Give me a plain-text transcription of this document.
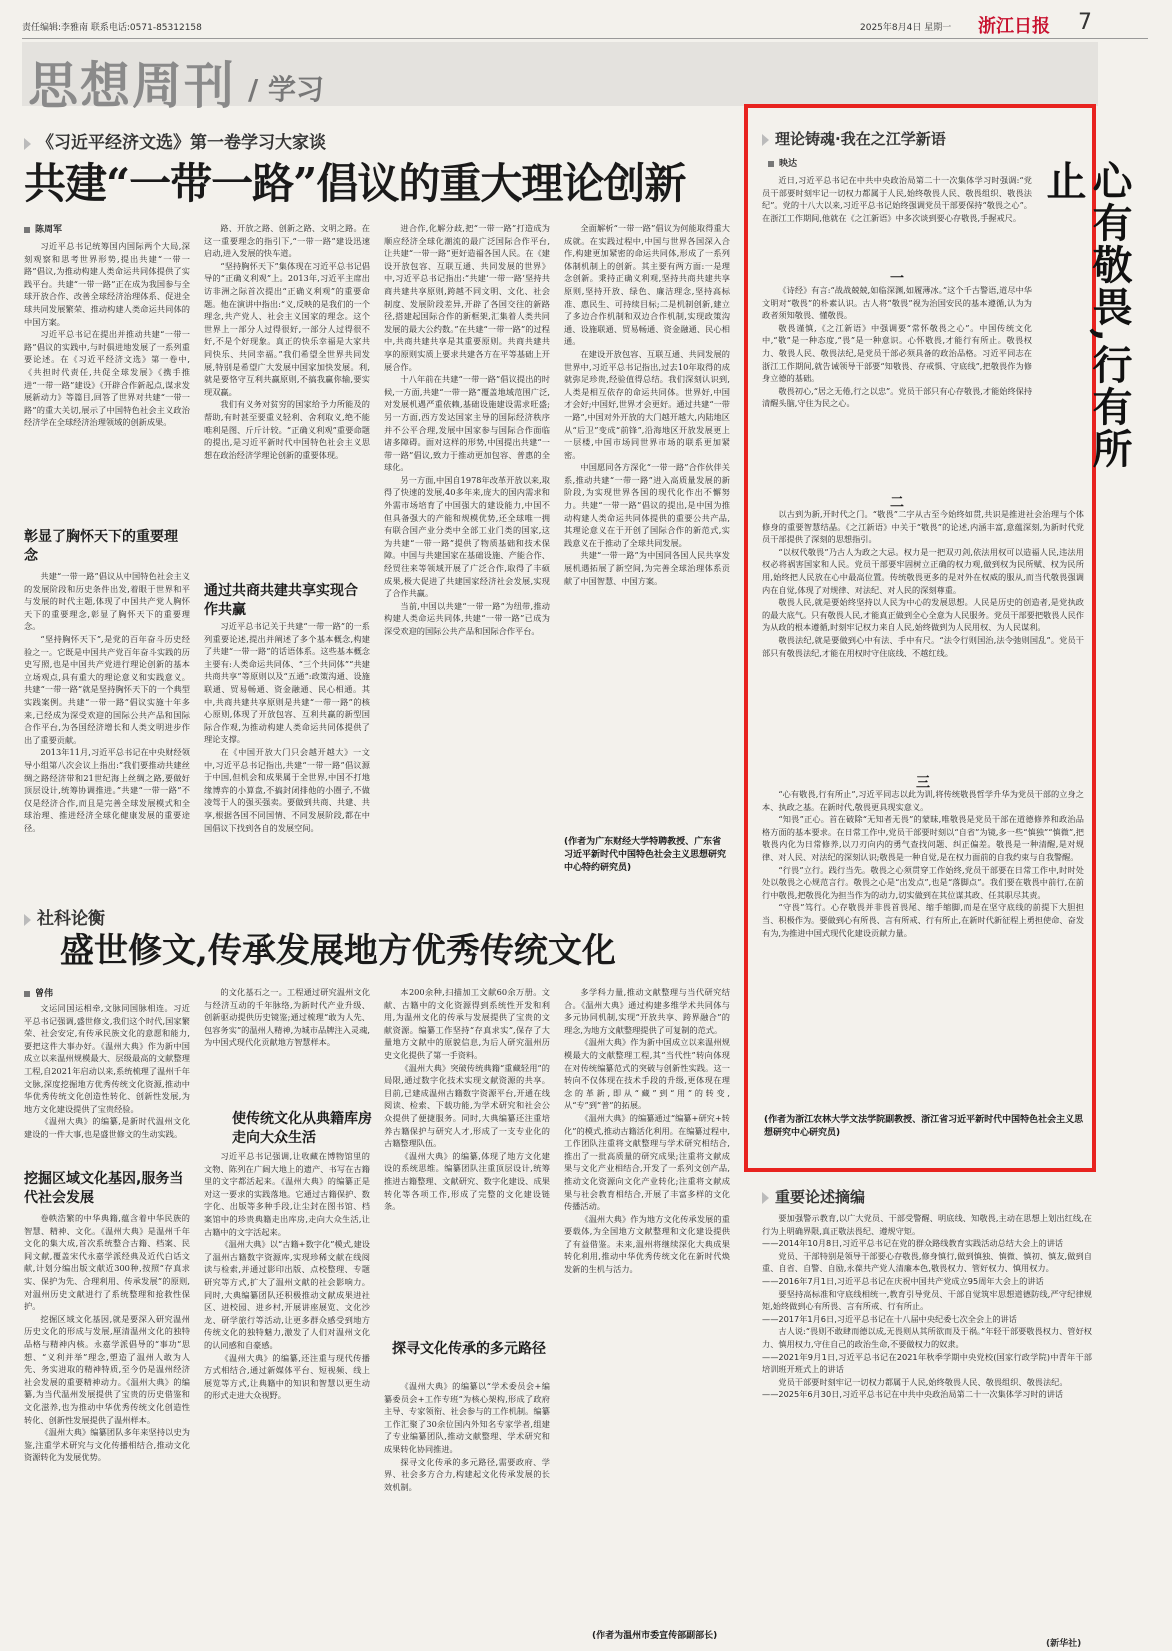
责任编辑:李雅南 联系电话:0571-85312158	2025年8月4日 星期一 浙江日报 7
思想周刊 / 学习
《习近平经济文选》第一卷学习大家谈
共建“一带一路”倡议的重大理论创新
陈周军

习近平总书记统筹国内国际两个大局,深刻观察和思考世界形势,提出共建“一带一路”倡议,为推动构建人类命运共同体提供了实践平台。共建“一带一路”正在成为我国参与全球开放合作、改善全球经济治理体系、促进全球共同发展繁荣、推动构建人类命运共同体的中国方案。

习近平总书记在提出并推动共建“一带一路”倡议的实践中,与时俱进地发展了一系列重要论述。在《习近平经济文选》第一卷中,《共担时代责任,共促全球发展》《携手推进“一带一路”建设》《开辟合作新起点,谋求发展新动力》等篇目,回答了世界对共建“一带一路”的重大关切,展示了中国特色社会主义政治经济学在全球经济治理领域的创新成果。

彰显了胸怀天下的重要理念

共建“一带一路”倡议从中国特色社会主义的发展阶段和历史条件出发,着眼于世界和平与发展的时代主题,体现了中国共产党人胸怀天下的重要理念,彰显了胸怀天下的重要理念。

“坚持胸怀天下”,是党的百年奋斗历史经验之一。它既是中国共产党百年奋斗实践的历史写照,也是中国共产党进行理论创新的基本立场观点,具有重大的理论意义和实践意义。共建“一带一路”就是坚持胸怀天下的一个典型实践案例。共建“一带一路”倡议实施十年多来,已经成为深受欢迎的国际公共产品和国际合作平台,为各国经济增长和人类文明进步作出了重要贡献。

2013年11月,习近平总书记在中央财经领导小组第八次会议上指出:“我们要推动共建丝绸之路经济带和21世纪海上丝绸之路,要做好顶层设计,统筹协调推进。”共建“一带一路”不仅是经济合作,而且是完善全球发展模式和全球治理、推进经济全球化健康发展的重要途径。

路、开放之路、创新之路、文明之路。在这一重要理念的指引下,“一带一路”建设迅速启动,进入发展的快车道。

“坚持胸怀天下”集体现在习近平总书记倡导的“正确义利观”上。2013年,习近平主席出访非洲之际首次提出“正确义利观”的重要命题。他在演讲中指出:“义,反映的是我们的一个理念,共产党人、社会主义国家的理念。这个世界上一部分人过得很好,一部分人过得很不好,不是个好现象。真正的快乐幸福是大家共同快乐、共同幸福。”我们希望全世界共同发展,特别是希望广大发展中国家加快发展。利,就是要恪守互利共赢原则,不搞我赢你输,要实现双赢。

我们有义务对贫穷的国家给予力所能及的帮助,有时甚至要重义轻利、舍利取义,绝不能唯利是图、斤斤计较。“正确义利观”重要命题的提出,是习近平新时代中国特色社会主义思想在政治经济学理论创新的重要体现。

通过共商共建共享实现合作共赢

习近平总书记关于共建“一带一路”的一系列重要论述,提出并阐述了多个基本概念,构建了共建“一带一路”的话语体系。这些基本概念主要有:人类命运共同体、“三个共同体”“共建共商共享”等原则以及“五通”:政策沟通、设施联通、贸易畅通、资金融通、民心相通。其中,共商共建共享原则是共建“一带一路”的核心原则,体现了开放包容、互利共赢的新型国际合作观,为推动构建人类命运共同体提供了理论支撑。

在《中国开放大门只会越开越大》一文中,习近平总书记指出,共建“一带一路”倡议源于中国,但机会和成果属于全世界,中国不打地缘博弈的小算盘,不搞封闭排他的小圈子,不做凌驾于人的强买强卖。要做到共商、共建、共享,根据各国不同国情、不同发展阶段,都在中国倡议下找到各自的发展空间。

进合作,化解分歧,把“一带一路”打造成为顺应经济全球化潮流的最广泛国际合作平台,让共建“一带一路”更好造福各国人民。在《建设开放包容、互联互通、共同发展的世界》中,习近平总书记指出:“共建‘一带一路’坚持共商共建共享原则,跨越不同文明、文化、社会制度、发展阶段差异,开辟了各国交往的新路径,搭建起国际合作的新框架,汇集着人类共同发展的最大公约数。”在共建“一带一路”的过程中,共商共建共享是其重要原则。共商共建共享的原则实质上要求共建各方在平等基础上开展合作。

十八年前在共建“一带一路”倡议提出的时候,一方面,共建“一带一路”覆盖地域范围广泛,对发展机遇严重依赖,基础设施建设需求旺盛;另一方面,西方发达国家主导的国际经济秩序并不公平合理,发展中国家参与国际合作面临诸多障碍。面对这样的形势,中国提出共建“一带一路”倡议,致力于推动更加包容、普惠的全球化。

另一方面,中国自1978年改革开放以来,取得了快速的发展,40多年来,庞大的国内需求和外需市场培育了中国强大的建设能力,中国不但具备强大的产能和规模优势,还全球唯一拥有联合国产业分类中全部工业门类的国家,这为共建“一带一路”提供了物质基础和技术保障。中国与共建国家在基础设施、产能合作、经贸往来等领域开展了广泛合作,取得了丰硕成果,极大促进了共建国家经济社会发展,实现了合作共赢。

当前,中国以共建“一带一路”为纽带,推动构建人类命运共同体,共建“一带一路”已成为深受欢迎的国际公共产品和国际合作平台。

全面解析“一带一路”倡议为何能取得重大成就。在实践过程中,中国与世界各国深入合作,构建更加紧密的命运共同体,形成了一系列体制机制上的创新。其主要有两方面:一是理念创新。秉持正确义利观,坚持共商共建共享原则,坚持开放、绿色、廉洁理念,坚持高标准、惠民生、可持续目标;二是机制创新,建立了多边合作机制和双边合作机制,实现政策沟通、设施联通、贸易畅通、资金融通、民心相通。

在建设开放包容、互联互通、共同发展的世界中,习近平总书记指出,过去10年取得的成就弥足珍贵,经验值得总结。我们深刻认识到,人类是相互依存的命运共同体。世界好,中国才会好;中国好,世界才会更好。通过共建“一带一路”,中国对外开放的大门越开越大,内陆地区从“后卫”变成“前锋”,沿海地区开放发展更上一层楼,中国市场同世界市场的联系更加紧密。

中国愿同各方深化“一带一路”合作伙伴关系,推动共建“一带一路”进入高质量发展的新阶段,为实现世界各国的现代化作出不懈努力。共建“一带一路”倡议的提出,是中国为推动构建人类命运共同体提供的重要公共产品,其理论意义在于开创了国际合作的新范式,实践意义在于推动了全球共同发展。

共建“一带一路”为中国同各国人民共享发展机遇拓展了新空间,为完善全球治理体系贡献了中国智慧、中国方案。

(作者为广东财经大学特聘教授、广东省习近平新时代中国特色社会主义思想研究中心特约研究员)
社科论衡
盛世修文,传承发展地方优秀传统文化
曾伟

文运同国运相牵,文脉同国脉相连。习近平总书记强调,盛世修文,我们这个时代,国家繁荣、社会安定,有传承民族文化的意愿和能力,要把这件大事办好。《温州大典》作为新中国成立以来温州规模最大、层级最高的文献整理工程,自2021年启动以来,系统梳理了温州千年文脉,深度挖掘地方优秀传统文化资源,推动中华优秀传统文化创造性转化、创新性发展,为地方文化建设提供了宝贵经验。

《温州大典》的编纂,是新时代温州文化建设的一件大事,也是盛世修文的生动实践。

挖掘区域文化基因,服务当代社会发展

卷帙浩繁的中华典籍,蕴含着中华民族的智慧、精神、文化。《温州大典》是温州千年文化的集大成,首次系统整合古籍、档案、民间文献,覆盖宋代永嘉学派经典及近代白话文献,计划分编出版文献近300种,按照“存真求实、保护为先、合理利用、传承发展”的原则,对温州历史文献进行了系统整理和抢救性保护。

挖掘区域文化基因,就是要深入研究温州历史文化的形成与发展,厘清温州文化的独特品格与精神内核。永嘉学派倡导的“事功”思想、“义利并举”理念,塑造了温州人敢为人先、务实进取的精神特质,至今仍是温州经济社会发展的重要精神动力。《温州大典》的编纂,为当代温州发展提供了宝贵的历史借鉴和文化滋养,也为推动中华优秀传统文化创造性转化、创新性发展提供了温州样本。

《温州大典》编纂团队多年来坚持以史为鉴,注重学术研究与文化传播相结合,推动文化资源转化为发展优势。

的文化基石之一。工程通过研究温州文化与经济互动的千年脉络,为新时代产业升级、创新驱动提供历史镜鉴;通过梳理“敢为人先、包容务实”的温州人精神,为城市品牌注入灵魂,为中国式现代化贡献地方智慧样本。

使传统文化从典籍库房走向大众生活

习近平总书记强调,让收藏在博物馆里的文物、陈列在广阔大地上的遗产、书写在古籍里的文字都活起来。《温州大典》的编纂正是对这一要求的实践落地。它通过古籍保护、数字化、出版等多种手段,让尘封在图书馆、档案馆中的珍贵典籍走出库房,走向大众生活,让古籍中的文字活起来。

《温州大典》以“古籍+数字化”模式,建设了温州古籍数字资源库,实现珍稀文献在线阅读与检索,并通过影印出版、点校整理、专题研究等方式,扩大了温州文献的社会影响力。同时,大典编纂团队还积极推动文献成果进社区、进校园、进乡村,开展讲座展览、文化沙龙、研学旅行等活动,让更多群众感受到地方传统文化的独特魅力,激发了人们对温州文化的认同感和自豪感。

《温州大典》的编纂,还注重与现代传播方式相结合,通过新媒体平台、短视频、线上展览等方式,让典籍中的知识和智慧以更生动的形式走进大众视野。

本200余种,扫描加工文献60余万册。文献、古籍中的文化资源得到系统性开发和利用,为温州文化的传承与发展提供了宝贵的文献资源。编纂工作坚持“存真求实”,保存了大量地方文献中的原貌信息,为后人研究温州历史文化提供了第一手资料。

《温州大典》突破传统典籍“重藏轻用”的局限,通过数字化技术实现文献资源的共享。目前,已建成温州古籍数字资源平台,开通在线阅读、检索、下载功能,为学术研究和社会公众提供了便捷服务。同时,大典编纂还注重培养古籍保护与研究人才,形成了一支专业化的古籍整理队伍。

《温州大典》的编纂,体现了地方文化建设的系统思维。编纂团队注重顶层设计,统筹推进古籍整理、文献研究、数字化建设、成果转化等各项工作,形成了完整的文化建设链条。

探寻文化传承的多元路径

《温州大典》的编纂以“学术委员会+编纂委员会+工作专班”为核心架构,形成了政府主导、专家领衔、社会参与的工作机制。编纂工作汇聚了30余位国内外知名专家学者,组建了专业编纂团队,推动文献整理、学术研究和成果转化协同推进。

探寻文化传承的多元路径,需要政府、学界、社会多方合力,构建起文化传承发展的长效机制。

多学科力量,推动文献整理与当代研究结合。《温州大典》通过构建多维学术共同体与多元协同机制,实现“开放共享、跨界融合”的理念,为地方文献整理提供了可复制的范式。

《温州大典》作为新中国成立以来温州规模最大的文献整理工程,其“当代性”转向体现在对传统编纂范式的突破与创新性实践。这一转向不仅体现在技术手段的升级,更体现在理念的革新,即从“藏”到“用”的转变,从“专”到“普”的拓展。

《温州大典》的编纂通过“编纂+研究+转化”的模式,推动古籍活化利用。在编纂过程中,工作团队注重将文献整理与学术研究相结合,推出了一批高质量的研究成果;注重将文献成果与文化产业相结合,开发了一系列文创产品,推动文化资源向文化产业转化;注重将文献成果与社会教育相结合,开展了丰富多样的文化传播活动。

《温州大典》作为地方文化传承发展的重要载体,为全国地方文献整理和文化建设提供了有益借鉴。未来,温州将继续深化大典成果转化利用,推动中华优秀传统文化在新时代焕发新的生机与活力。

(作者为温州市委宣传部副部长)
理论铸魂·我在之江学新语
映达	心有敬畏,行有所止

近日,习近平总书记在中共中央政治局第二十一次集体学习时强调:“党员干部要时刻牢记一切权力都属于人民,始终敬畏人民、敬畏组织、敬畏法纪”。党的十八大以来,习近平总书记始终强调党员干部要保持“敬畏之心”。在浙江工作期间,他就在《之江新语》中多次谈到要心存敬畏,手握戒尺。

一

《诗经》有言:“战战兢兢,如临深渊,如履薄冰。”这个千古警语,道尽中华文明对“敬畏”的朴素认识。古人将“敬畏”视为治国安民的基本遵循,认为为政者须知敬畏、懂敬畏。

敬畏谨慎,《之江新语》中强调要“常怀敬畏之心”。中国传统文化中,“敬”是一种态度,“畏”是一种意识。心怀敬畏,才能行有所止。敬畏权力、敬畏人民、敬畏法纪,是党员干部必须具备的政治品格。习近平同志在浙江工作期间,就告诫领导干部要“知敬畏、存戒惧、守底线”,把敬畏作为修身立德的基础。

敬畏初心,“居之无倦,行之以忠”。党员干部只有心存敬畏,才能始终保持清醒头脑,守住为民之心。

二

以古到为新,开时代之门。“敬畏”二字从古至今始终如贯,共识是推进社会治理与个体修身的重要智慧结晶。《之江新语》中关于“敬畏”的论述,内涵丰富,意蕴深刻,为新时代党员干部提供了深刻的思想指引。

“以权代敬畏”乃古人为政之大忌。权力是一把双刃剑,依法用权可以造福人民,违法用权必将祸害国家和人民。党员干部要牢固树立正确的权力观,做到权为民所赋、权为民所用,始终把人民放在心中最高位置。传统敬畏更多的是对外在权威的服从,而当代敬畏强调内在自觉,体现了对规律、对法纪、对人民的深刻尊重。

敬畏人民,就是要始终坚持以人民为中心的发展思想。人民是历史的创造者,是党执政的最大底气。只有敬畏人民,才能真正做到全心全意为人民服务。党员干部要把敬畏人民作为从政的根本遵循,时刻牢记权力来自人民,始终做到为人民用权、为人民谋利。

敬畏法纪,就是要做到心中有法、手中有尺。“法令行则国治,法令弛则国乱”。党员干部只有敬畏法纪,才能在用权时守住底线、不越红线。

三

“心有敬畏,行有所止”,习近平同志以此为训,将传统敬畏哲学升华为党员干部的立身之本、执政之基。在新时代,敬畏更具现实意义。

“知畏”正心。首在破除“无知者无畏”的蒙昧,唯敬畏是党员干部在道德修养和政治品格方面的基本要求。在日常工作中,党员干部要时刻以“自省”为镜,多一些“慎独”“慎微”,把敬畏内化为日常修养,以刀刃向内的勇气查找问题、纠正偏差。敬畏是一种清醒,是对规律、对人民、对法纪的深刻认识;敬畏是一种自觉,是在权力面前的自我约束与自我警醒。

“行畏”立行。践行当先。敬畏之心须贯穿工作始终,党员干部要在日常工作中,时时处处以敬畏之心规范言行。敬畏之心是“出发点”,也是“落脚点”。我们要在敬畏中前行,在前行中敬畏,把敬畏化为担当作为的动力,切实做到在其位谋其政、任其职尽其责。

“守畏”笃行。心存敬畏并非畏首畏尾、缩手缩脚,而是在坚守底线的前提下大胆担当、积极作为。要做到心有所畏、言有所戒、行有所止,在新时代新征程上勇担使命、奋发有为,为推进中国式现代化建设贡献力量。

(作者为浙江农林大学文法学院副教授、浙江省习近平新时代中国特色社会主义思想研究中心研究员)
重要论述摘编

要加强警示教育,以广大党员、干部受警醒、明底线、知敬畏,主动在思想上划出红线,在行为上明确界限,真正敬法畏纪、遵规守矩。

——2014年10月8日,习近平总书记在党的群众路线教育实践活动总结大会上的讲话

党员、干部特别是领导干部要心存敬畏,修身慎行,做到慎独、慎微、慎初、慎友,做到自重、自省、自警、自励,永葆共产党人清廉本色,敬畏权力、管好权力、慎用权力。

——2016年7月1日,习近平总书记在庆祝中国共产党成立95周年大会上的讲话

要坚持高标准和守底线相统一,教育引导党员、干部自觉筑牢思想道德防线,严守纪律规矩,始终做到心有所畏、言有所戒、行有所止。

——2017年1月6日,习近平总书记在十八届中央纪委七次全会上的讲话

古人说:“畏则不敢肆而德以成,无畏则从其所欲而及于祸。”年轻干部要敬畏权力、管好权力、慎用权力,守住自己的政治生命,不要做权力的奴隶。

——2021年9月1日,习近平总书记在2021年秋季学期中央党校(国家行政学院)中青年干部培训班开班式上的讲话

党员干部要时刻牢记一切权力都属于人民,始终敬畏人民、敬畏组织、敬畏法纪。

——2025年6月30日,习近平总书记在中共中央政治局第二十一次集体学习时的讲话
(新华社)
